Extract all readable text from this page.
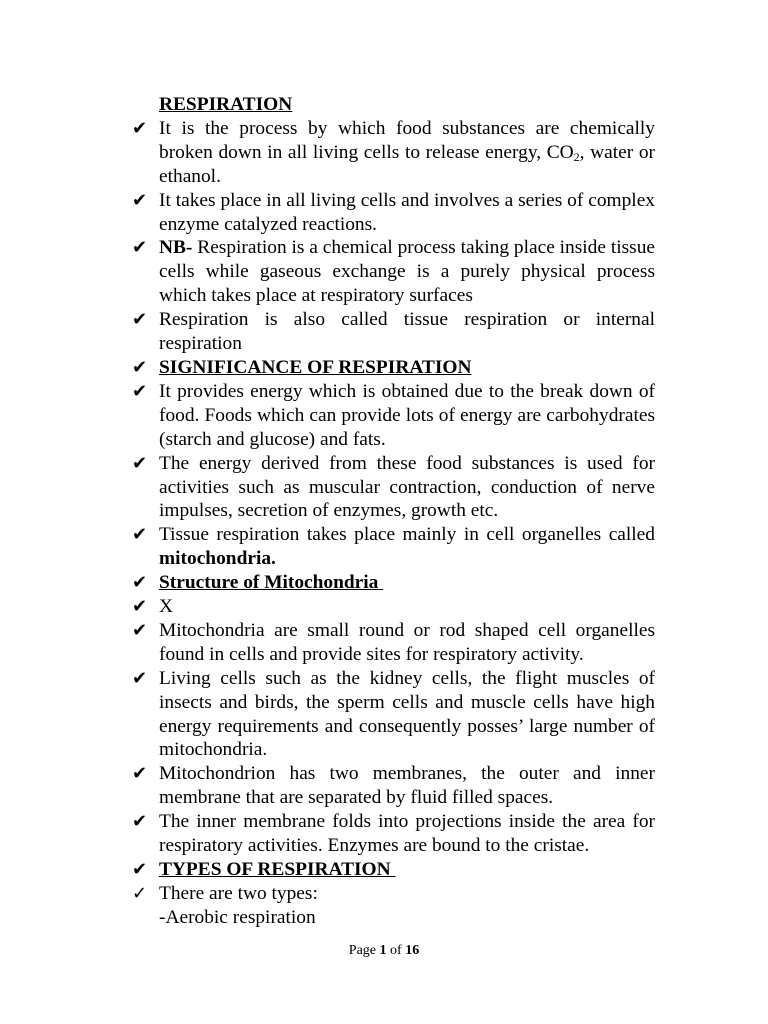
RESPIRATION
✔ It is the process by which food substances are chemically broken down in all living cells to release energy, $CO_2$, water or ethanol.
✔ It takes place in all living cells and involves a series of complex enzyme catalyzed reactions.
✔ NB- Respiration is a chemical process taking place inside tissue cells while gaseous exchange is a purely physical process which takes place at respiratory surfaces
✔ Respiration is also called tissue respiration or internal respiration
✔ SIGNIFICANCE OF RESPIRATION
✔ It provides energy which is obtained due to the break down of food. Foods which can provide lots of energy are carbohydrates (starch and glucose) and fats.
✔ The energy derived from these food substances is used for activities such as muscular contraction, conduction of nerve impulses, secretion of enzymes, growth etc.
✔ Tissue respiration takes place mainly in cell organelles called mitochondria.
✔ Structure of Mitochondria
✔ X
✔ Mitochondria are small round or rod shaped cell organelles found in cells and provide sites for respiratory activity.
✔ Living cells such as the kidney cells, the flight muscles of insects and birds, the sperm cells and muscle cells have high energy requirements and consequently posses’ large number of mitochondria.
✔ Mitochondrion has two membranes, the outer and inner membrane that are separated by fluid filled spaces.
✔ The inner membrane folds into projections inside the area for respiratory activities. Enzymes are bound to the cristae.
✔ TYPES OF RESPIRATION
✓ There are two types:
-Aerobic respiration
Page 1 of 16
